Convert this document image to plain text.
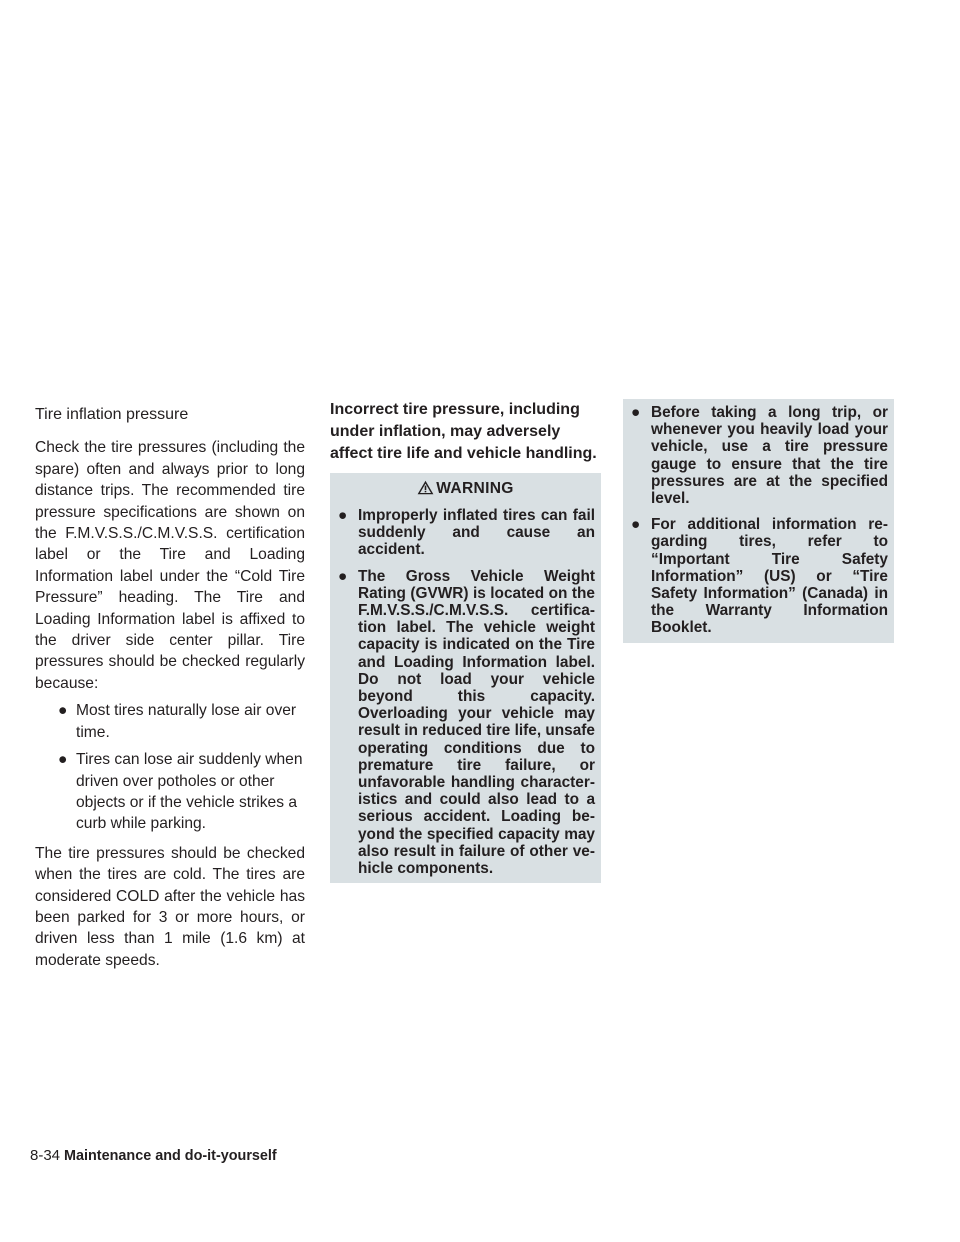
Tire inflation pressure

Check the tire pressures (including the spare) often and always prior to long distance trips. The recommended tire pressure specifications are shown on the F.M.V.S.S./C.M.V.S.S. certification label or the Tire and Loading Information label under the “Cold Tire Pressure” heading. The Tire and Loading Information label is affixed to the driver side center pillar. Tire pressures should be checked regularly because:

● Most tires naturally lose air over time.
● Tires can lose air suddenly when driven over potholes or other objects or if the vehicle strikes a curb while parking.

The tire pressures should be checked when the tires are cold. The tires are considered COLD after the vehicle has been parked for 3 or more hours, or driven less than 1 mile (1.6 km) at moderate speeds.

Incorrect tire pressure, including under inflation, may adversely affect tire life and vehicle handling.

WARNING
● Improperly inflated tires can fail suddenly and cause an accident.
● The Gross Vehicle Weight Rating (GVWR) is located on the F.M.V.S.S./C.M.V.S.S. certification label. The vehicle weight capacity is indicated on the Tire and Loading Information label. Do not load your vehicle beyond this capacity. Overloading your vehicle may result in reduced tire life, unsafe operating conditions due to premature tire failure, or unfavorable handling characteristics and could also lead to a serious accident. Loading beyond the specified capacity may also result in failure of other vehicle components.
● Before taking a long trip, or whenever you heavily load your vehicle, use a tire pressure gauge to ensure that the tire pressures are at the specified level.
● For additional information regarding tires, refer to “Important Tire Safety Information” (US) or “Tire Safety Information” (Canada) in the Warranty Information Booklet.
8-34 Maintenance and do-it-yourself
